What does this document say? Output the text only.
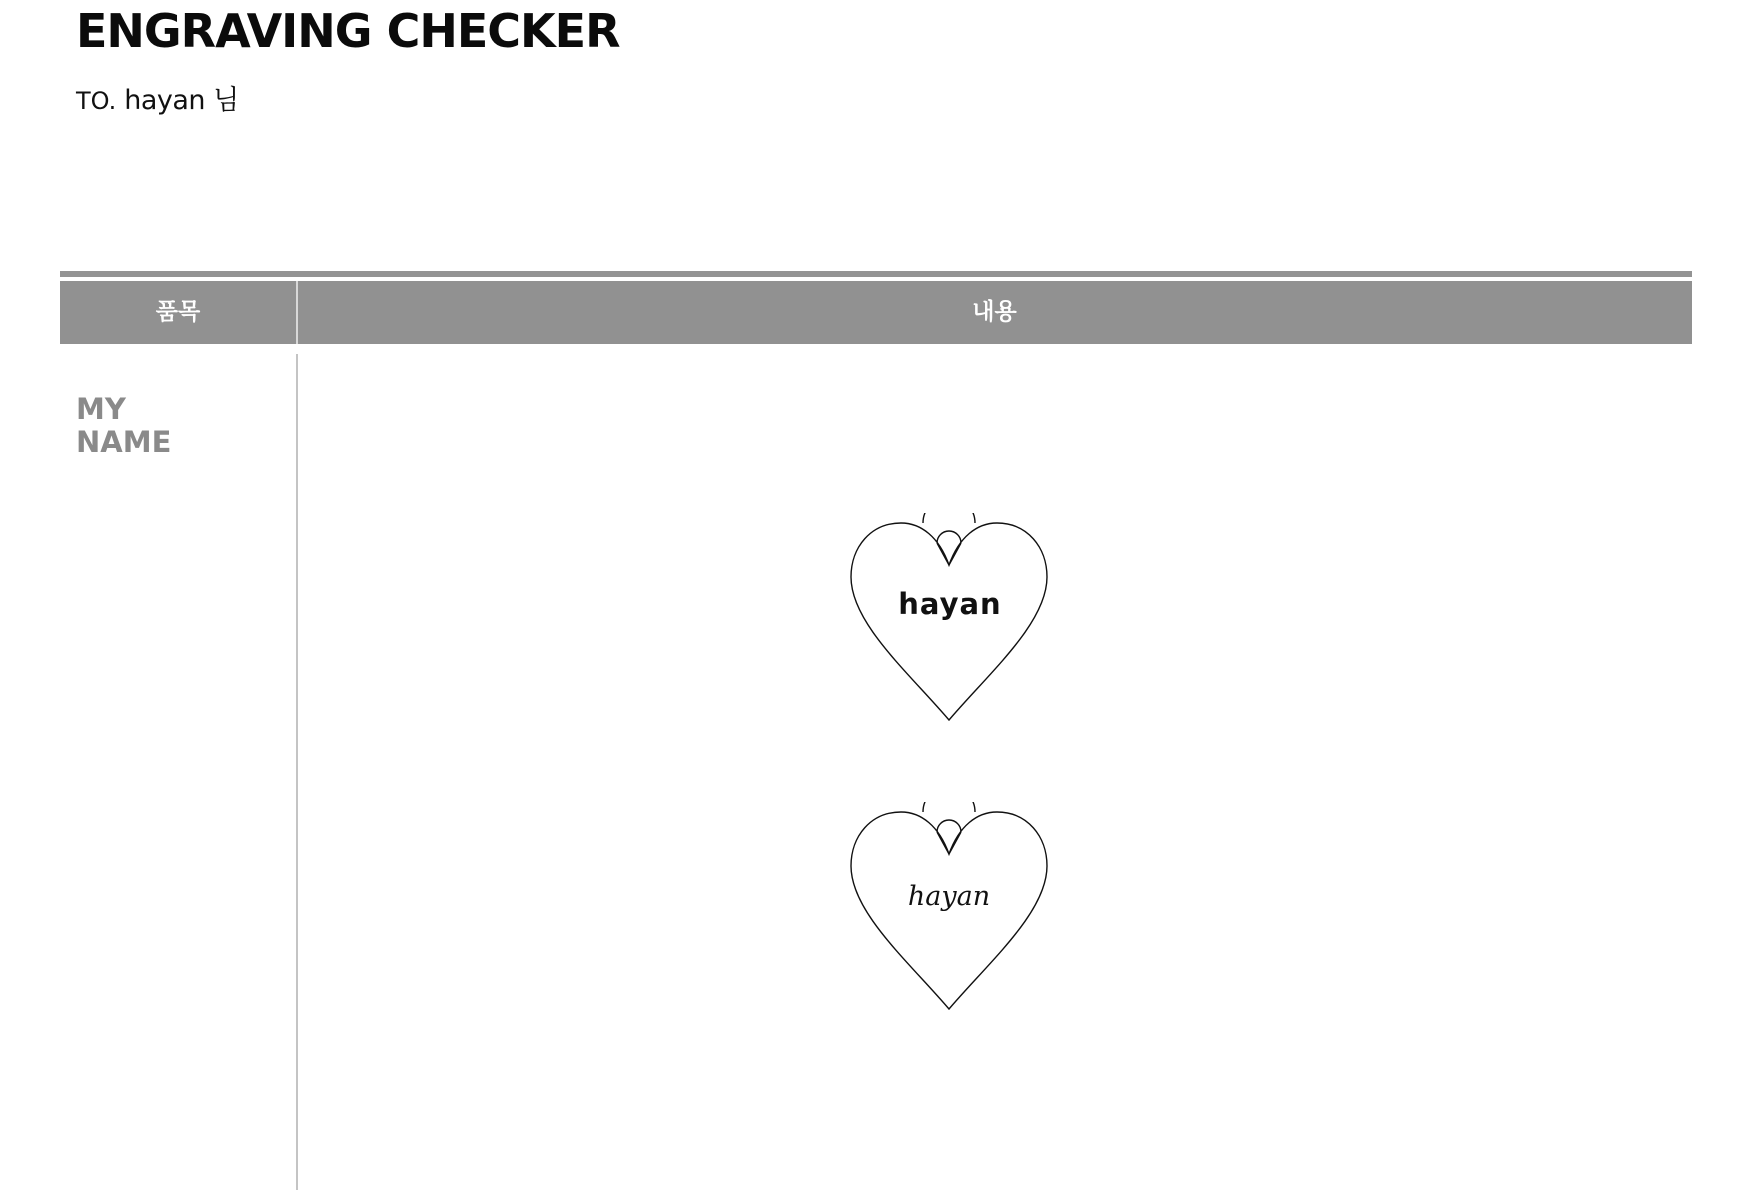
ENGRAVING CHECKER
TO. hayan 님
품목	내용
MY
NAME
hayan
hayan
